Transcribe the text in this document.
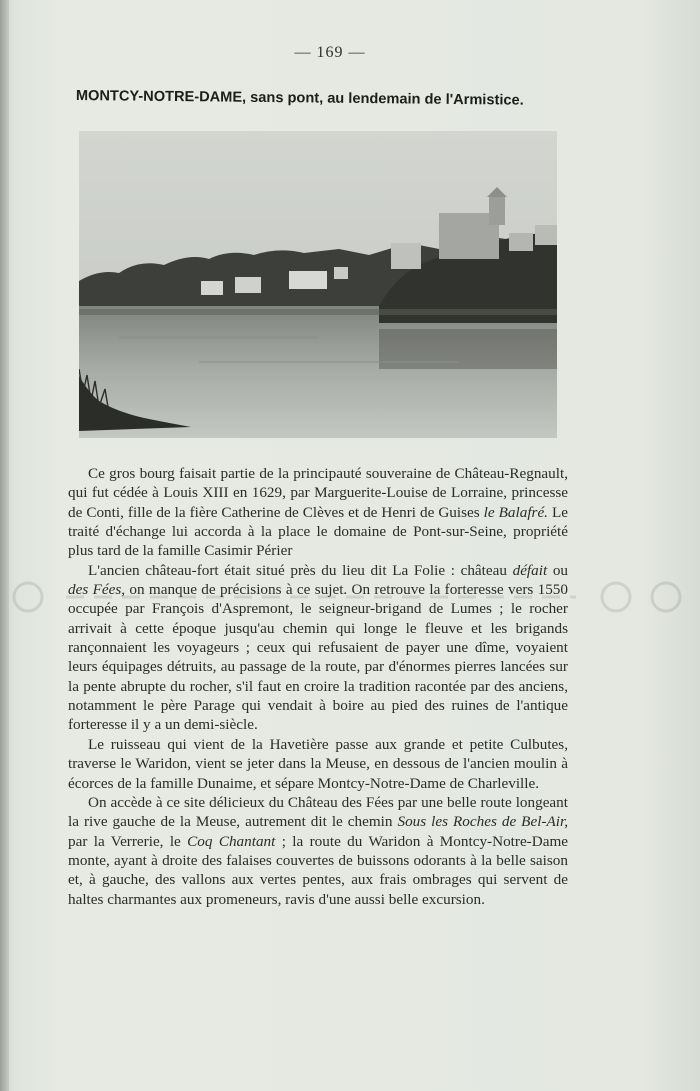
— 169 —
MONTCY-NOTRE-DAME, sans pont, au lendemain de l'Armistice.

Ce gros bourg faisait partie de la principauté souveraine de Château-Regnault, qui fut cédée à Louis XIII en 1629, par Marguerite-Louise de Lorraine, princesse de Conti, fille de la fière Catherine de Clèves et de Henri de Guises le Balafré. Le traité d'échange lui accorda à la place le domaine de Pont-sur-Seine, propriété plus tard de la famille Casimir Périer

L'ancien château-fort était situé près du lieu dit La Folie : château défait ou des Fées, on manque de précisions à ce sujet. On retrouve la forteresse vers 1550 occupée par François d'Aspremont, le seigneur-brigand de Lumes ; le rocher arrivait à cette époque jusqu'au chemin qui longe le fleuve et les brigands rançonnaient les voyageurs ; ceux qui refusaient de payer une dîme, voyaient leurs équipages détruits, au passage de la route, par d'énormes pierres lancées sur la pente abrupte du rocher, s'il faut en croire la tradition racontée par des anciens, notamment le père Parage qui vendait à boire au pied des ruines de l'antique forteresse il y a un demi-siècle.

Le ruisseau qui vient de la Havetière passe aux grande et petite Culbutes, traverse le Waridon, vient se jeter dans la Meuse, en dessous de l'ancien moulin à écorces de la famille Dunaime, et sépare Montcy-Notre-Dame de Charleville.

On accède à ce site délicieux du Château des Fées par une belle route longeant la rive gauche de la Meuse, autrement dit le chemin Sous les Roches de Bel-Air, par la Verrerie, le Coq Chantant ; la route du Waridon à Montcy-Notre-Dame monte, ayant à droite des falaises couvertes de buissons odorants à la belle saison et, à gauche, des vallons aux vertes pentes, aux frais ombrages qui servent de haltes charmantes aux promeneurs, ravis d'une aussi belle excursion.
